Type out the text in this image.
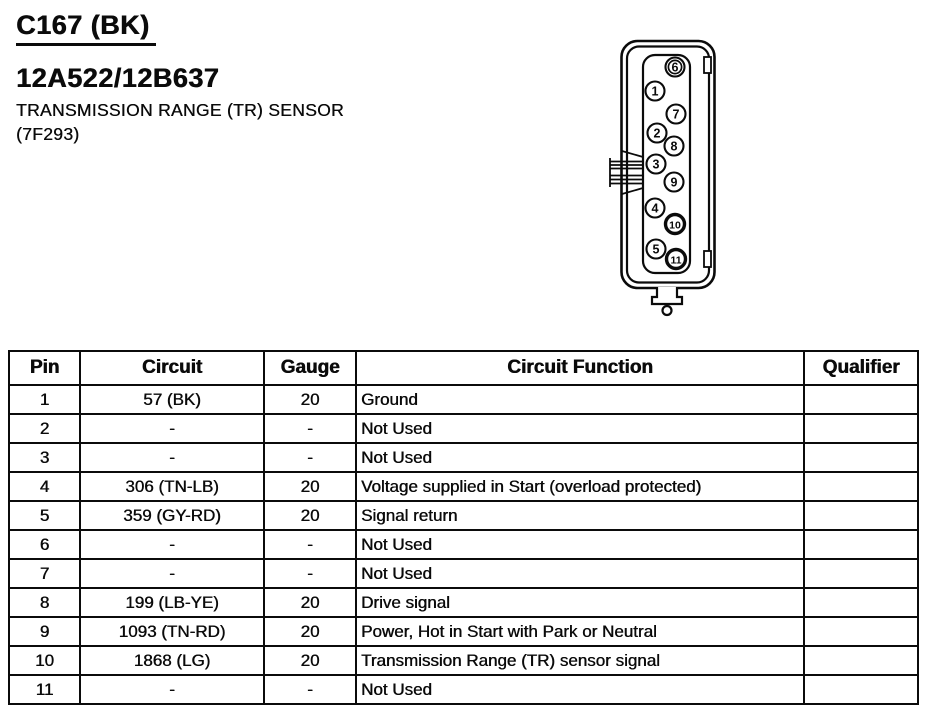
C167 (BK)
12A522/12B637
TRANSMISSION RANGE (TR) SENSOR
(7F293)
6
1
7
2
8
3
9
4
10
5
11
Pin	Circuit	Gauge	Circuit Function	Qualifier
1	57 (BK)	20	Ground	
2	-	-	Not Used	
3	-	-	Not Used	
4	306 (TN-LB)	20	Voltage supplied in Start (overload protected)	
5	359 (GY-RD)	20	Signal return	
6	-	-	Not Used	
7	-	-	Not Used	
8	199 (LB-YE)	20	Drive signal	
9	1093 (TN-RD)	20	Power, Hot in Start with Park or Neutral	
10	1868 (LG)	20	Transmission Range (TR) sensor signal	
11	-	-	Not Used	
